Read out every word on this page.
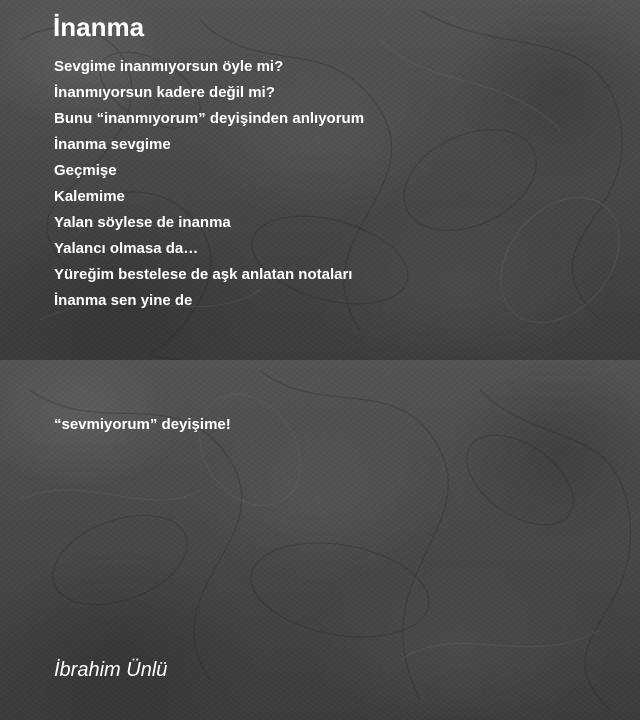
İnanma
Sevgime inanmıyorsun öyle mi?
İnanmıyorsun kadere değil mi?
Bunu “inanmıyorum” deyişinden anlıyorum
İnanma sevgime
Geçmişe
Kalemime
Yalan söylese de inanma
Yalancı olmasa da…
Yüreğim bestelese de aşk anlatan notaları
İnanma sen yine de

“sevmiyorum” deyişime!

İbrahim Ünlü
